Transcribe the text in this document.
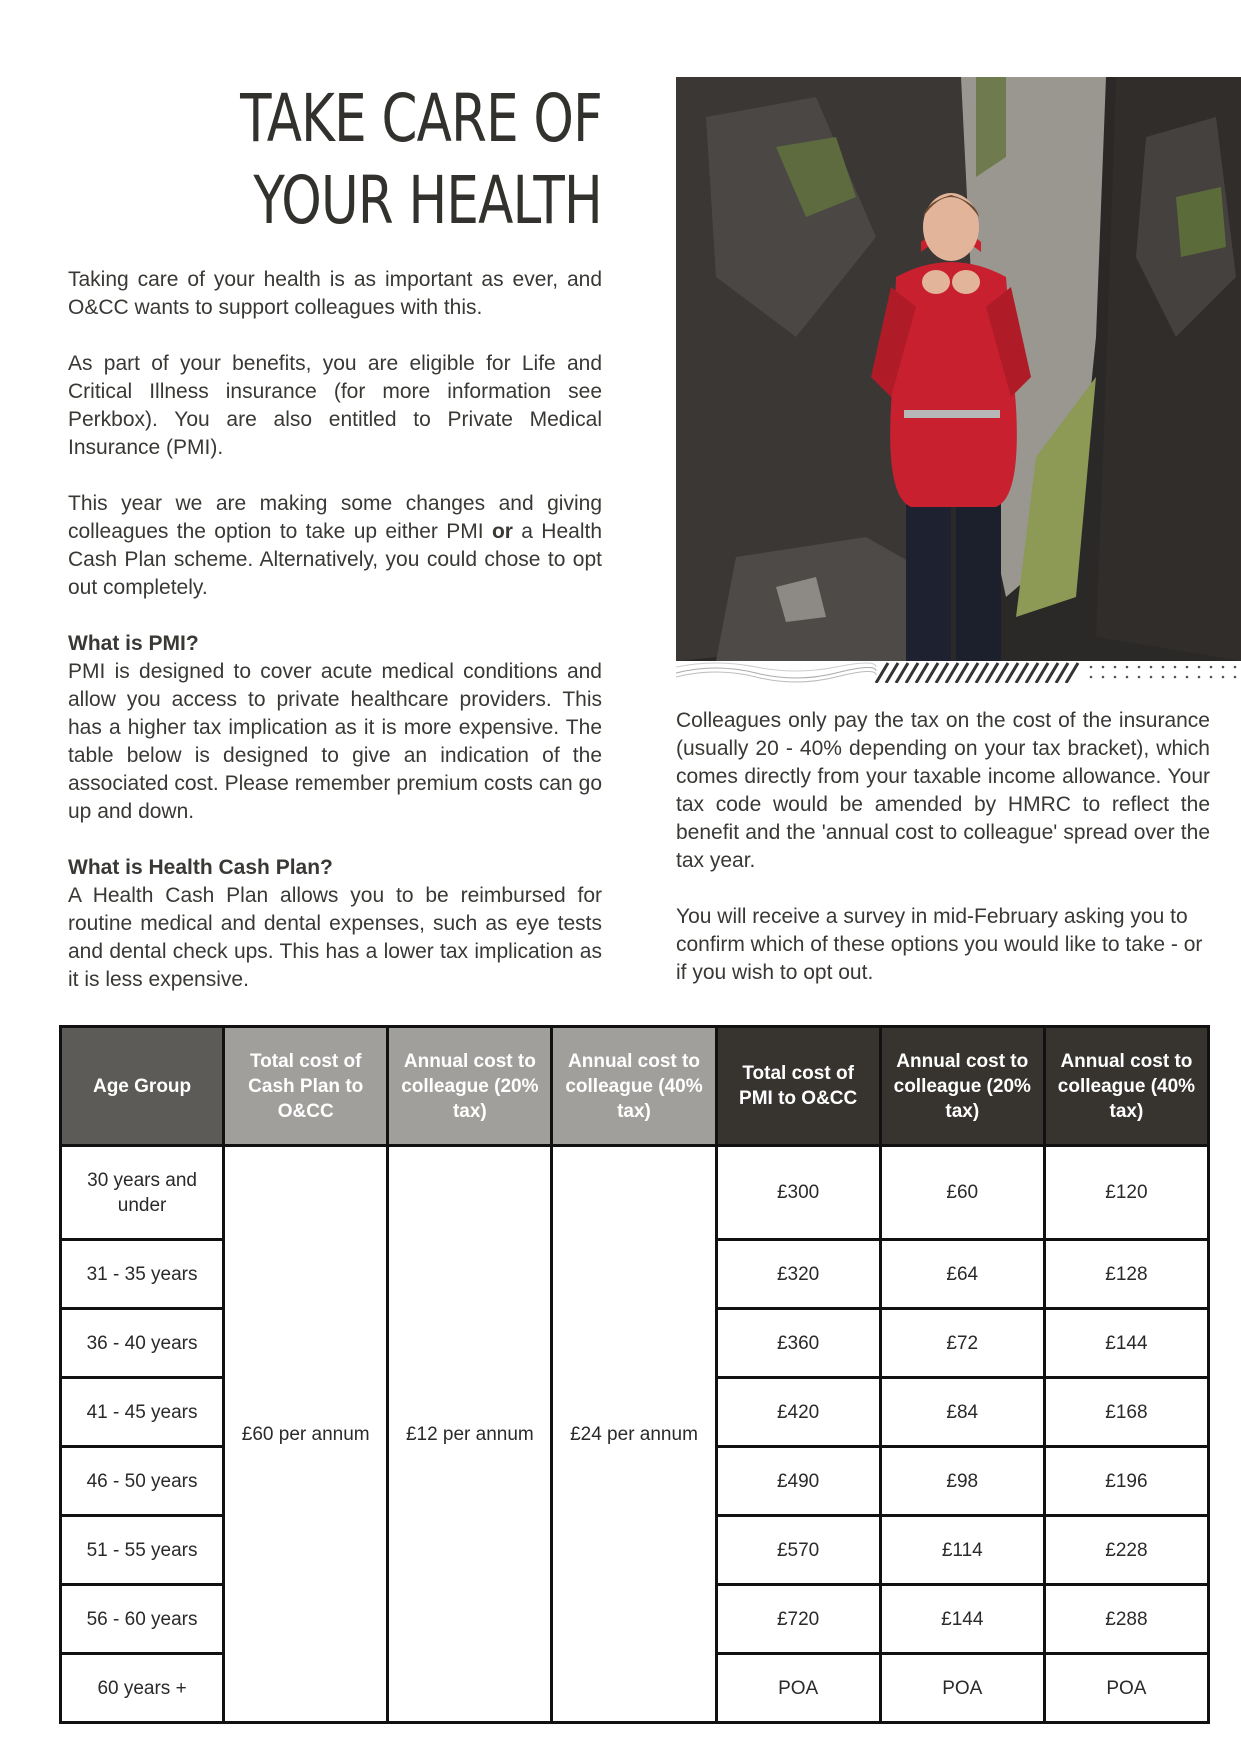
TAKE CARE OF YOUR HEALTH

Taking care of your health is as important as ever, and O&CC wants to support colleagues with this.

As part of your benefits, you are eligible for Life and Critical Illness insurance (for more information see Perkbox). You are also entitled to Private Medical Insurance (PMI).

This year we are making some changes and giving colleagues the option to take up either PMI or a Health Cash Plan scheme. Alternatively, you could chose to opt out completely.

What is PMI?

PMI is designed to cover acute medical conditions and allow you access to private healthcare providers. This has a higher tax implication as it is more expensive. The table below is designed to give an indication of the associated cost. Please remember premium costs can go up and down.

What is Health Cash Plan?

A Health Cash Plan allows you to be reimbursed for routine medical and dental expenses, such as eye tests and dental check ups. This has a lower tax implication as it is less expensive.

Colleagues only pay the tax on the cost of the insurance (usually 20 - 40% depending on your tax bracket), which comes directly from your taxable income allowance. Your tax code would be amended by HMRC to reflect the benefit and the 'annual cost to colleague' spread over the tax year.

You will receive a survey in mid-February asking you to confirm which of these options you would like to take - or if you wish to opt out.

Age Group	Total cost of Cash Plan to O&CC	Annual cost to colleague (20% tax)	Annual cost to colleague (40% tax)	Total cost of PMI to O&CC	Annual cost to colleague (20% tax)	Annual cost to colleague (40% tax)
30 years and under	£60 per annum	£12 per annum	£24 per annum	£300	£60	£120
31 - 35 years				£320	£64	£128
36 - 40 years				£360	£72	£144
41 - 45 years				£420	£84	£168
46 - 50 years				£490	£98	£196
51 - 55 years				£570	£114	£228
56 - 60 years				£720	£144	£288
60 years +				POA	POA	POA
